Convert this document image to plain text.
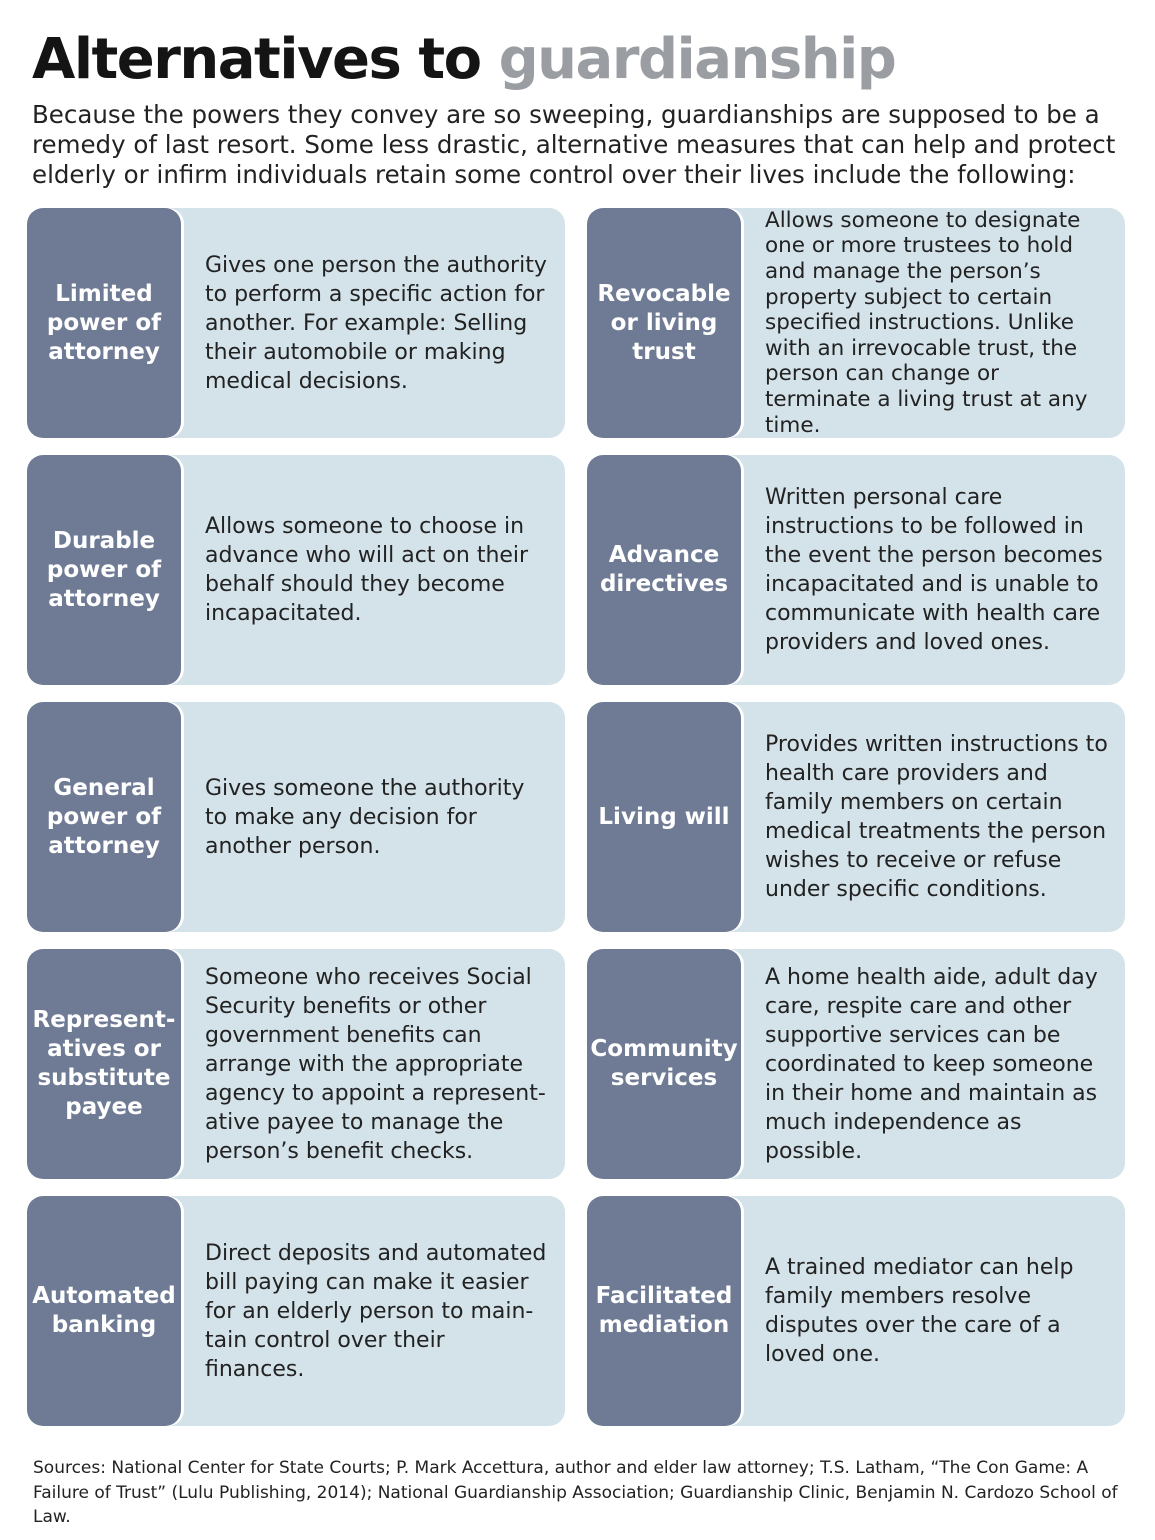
Alternatives to guardianship

Because the powers they convey are so sweeping, guardianships are supposed to be a remedy of last resort. Some less drastic, alternative measures that can help and protect elderly or infirm individuals retain some control over their lives include the following:

Limited power of attorney
Gives one person the authority to perform a specific action for another. For example: Selling their automobile or making medical decisions.
Revocable or living trust
Allows someone to designate one or more trustees to hold and manage the person’s property subject to certain specified instructions. Unlike with an irrevocable trust, the person can change or terminate a living trust at any time.
Durable power of attorney
Allows someone to choose in advance who will act on their behalf should they become incapacitated.
Advance directives
Written personal care instructions to be followed in the event the person becomes incapacitated and is unable to communicate with health care providers and loved ones.
General power of attorney
Gives someone the authority to make any decision for another person.
Living will
Provides written instructions to health care providers and family members on certain medical treatments the person wishes to receive or refuse under specific conditions.
Represent-atives or substitute payee
Someone who receives Social Security benefits or other government benefits can arrange with the appropriate agency to appoint a represent-ative payee to manage the person’s benefit checks.
Community services
A home health aide, adult day care, respite care and other supportive services can be coordinated to keep someone in their home and maintain as much independence as possible.
Automated banking
Direct deposits and automated bill paying can make it easier for an elderly person to main-tain control over their finances.
Facilitated mediation
A trained mediator can help family members resolve disputes over the care of a loved one.

Sources: National Center for State Courts; P. Mark Accettura, author and elder law attorney; T.S. Latham, “The Con Game: A Failure of Trust” (Lulu Publishing, 2014); National Guardianship Association; Guardianship Clinic, Benjamin N. Cardozo School of Law.
